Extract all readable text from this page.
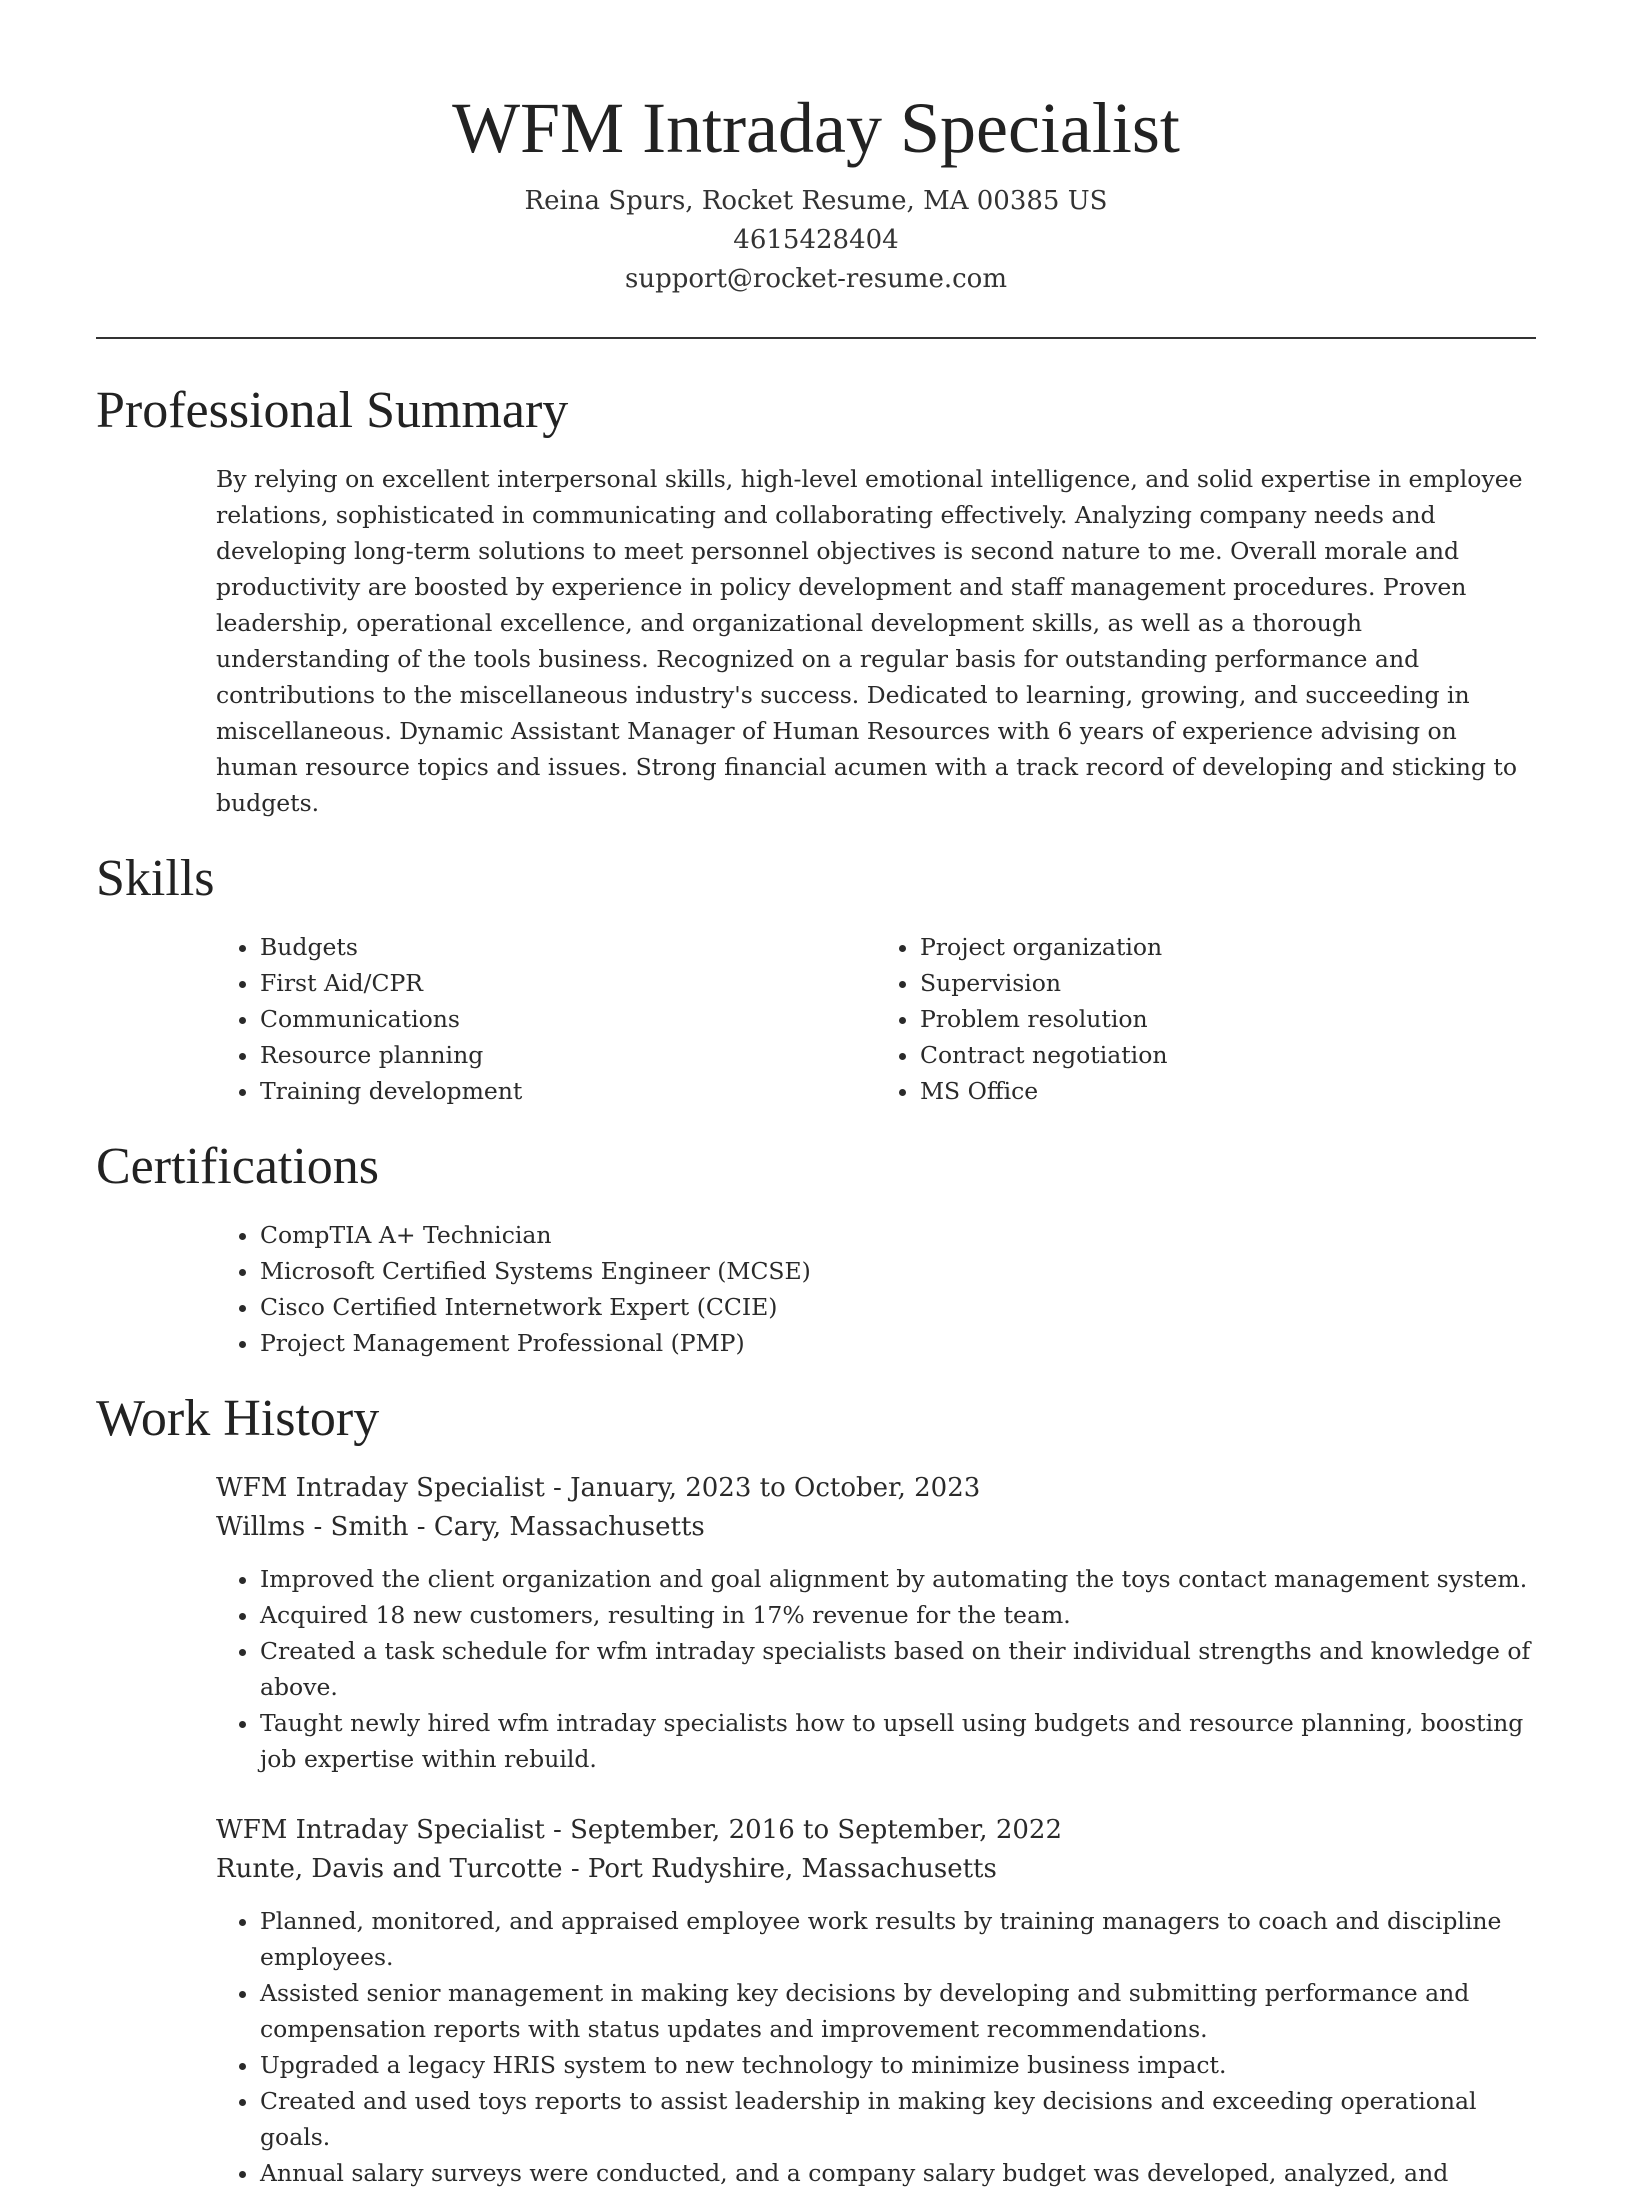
WFM Intraday Specialist
Reina Spurs, Rocket Resume, MA 00385 US
4615428404
support@rocket-resume.com
Professional Summary
By relying on excellent interpersonal skills, high-level emotional intelligence, and solid expertise in employee relations, sophisticated in communicating and collaborating effectively. Analyzing company needs and developing long-term solutions to meet personnel objectives is second nature to me. Overall morale and productivity are boosted by experience in policy development and staff management procedures. Proven leadership, operational excellence, and organizational development skills, as well as a thorough understanding of the tools business. Recognized on a regular basis for outstanding performance and contributions to the miscellaneous industry's success. Dedicated to learning, growing, and succeeding in miscellaneous. Dynamic Assistant Manager of Human Resources with 6 years of experience advising on human resource topics and issues. Strong financial acumen with a track record of developing and sticking to budgets.
Skills
• Budgets
• First Aid/CPR
• Communications
• Resource planning
• Training development
• Project organization
• Supervision
• Problem resolution
• Contract negotiation
• MS Office
Certifications
• CompTIA A+ Technician
• Microsoft Certified Systems Engineer (MCSE)
• Cisco Certified Internetwork Expert (CCIE)
• Project Management Professional (PMP)
Work History
WFM Intraday Specialist - January, 2023 to October, 2023
Willms - Smith - Cary, Massachusetts
• Improved the client organization and goal alignment by automating the toys contact management system.
• Acquired 18 new customers, resulting in 17% revenue for the team.
• Created a task schedule for wfm intraday specialists based on their individual strengths and knowledge of above.
• Taught newly hired wfm intraday specialists how to upsell using budgets and resource planning, boosting job expertise within rebuild.
WFM Intraday Specialist - September, 2016 to September, 2022
Runte, Davis and Turcotte - Port Rudyshire, Massachusetts
• Planned, monitored, and appraised employee work results by training managers to coach and discipline employees.
• Assisted senior management in making key decisions by developing and submitting performance and compensation reports with status updates and improvement recommendations.
• Upgraded a legacy HRIS system to new technology to minimize business impact.
• Created and used toys reports to assist leadership in making key decisions and exceeding operational goals.
• Annual salary surveys were conducted, and a company salary budget was developed, analyzed, and
